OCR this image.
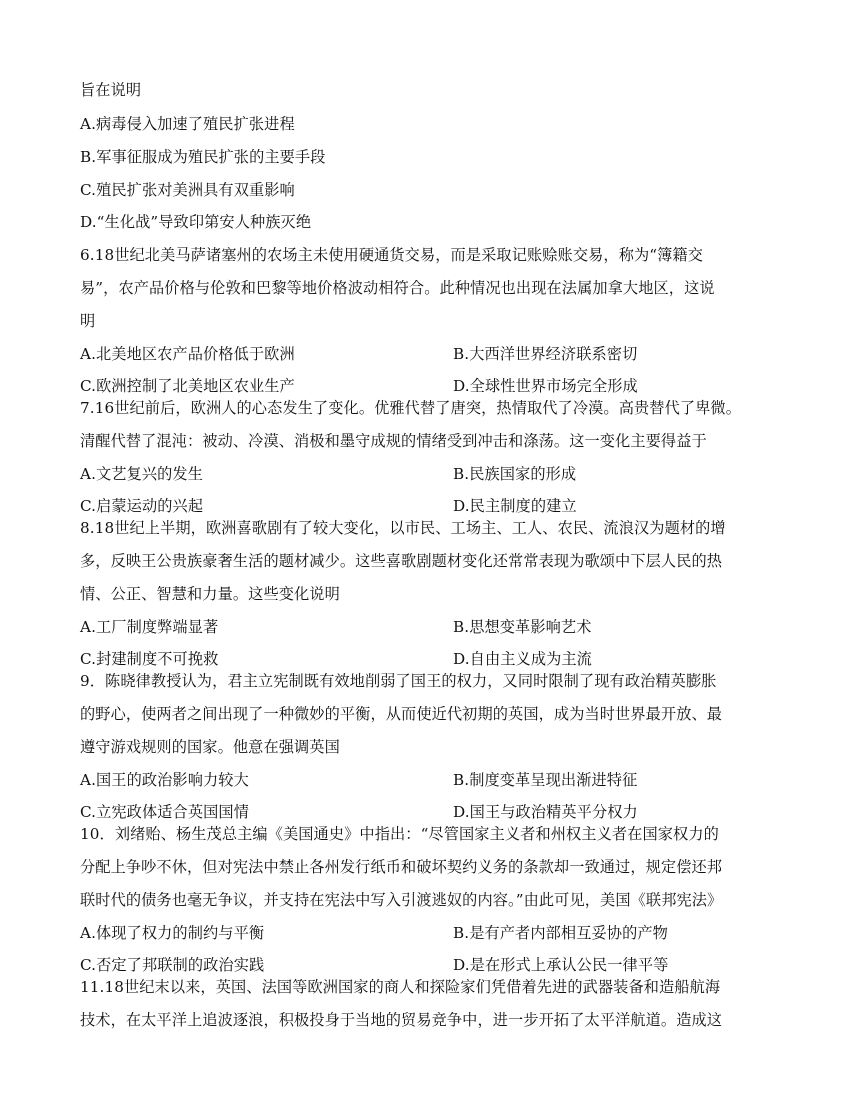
旨在说明
A.病毒侵入加速了殖民扩张进程
B.军事征服成为殖民扩张的主要手段
C.殖民扩张对美洲具有双重影响
D.“生化战”导致印第安人种族灭绝
6.18世纪北美马萨诸塞州的农场主未使用硬通货交易，而是采取记账赊账交易，称为“簿籍交
易”，农产品价格与伦敦和巴黎等地价格波动相符合。此种情况也出现在法属加拿大地区，这说
明
A.北美地区农产品价格低于欧洲	B.大西洋世界经济联系密切
C.欧洲控制了北美地区农业生产	D.全球性世界市场完全形成
7.16世纪前后，欧洲人的心态发生了变化。优雅代替了唐突，热情取代了冷漠。高贵替代了卑微。
清醒代替了混沌：被动、冷漠、消极和墨守成规的情绪受到冲击和涤荡。这一变化主要得益于
A.文艺复兴的发生	B.民族国家的形成
C.启蒙运动的兴起	D.民主制度的建立
8.18世纪上半期，欧洲喜歌剧有了较大变化，以市民、工场主、工人、农民、流浪汉为题材的增
多，反映王公贵族豪奢生活的题材减少。这些喜歌剧题材变化还常常表现为歌颂中下层人民的热
情、公正、智慧和力量。这些变化说明
A.工厂制度弊端显著	B.思想变革影响艺术
C.封建制度不可挽救	D.自由主义成为主流
9．陈晓律教授认为，君主立宪制既有效地削弱了国王的权力，又同时限制了现有政治精英膨胀
的野心，使两者之间出现了一种微妙的平衡，从而使近代初期的英国，成为当时世界最开放、最
遵守游戏规则的国家。他意在强调英国
A.国王的政治影响力较大	B.制度变革呈现出渐进特征
C.立宪政体适合英国国情	D.国王与政治精英平分权力
10．刘绪贻、杨生茂总主编《美国通史》中指出：“尽管国家主义者和州权主义者在国家权力的
分配上争吵不休，但对宪法中禁止各州发行纸币和破坏契约义务的条款却一致通过，规定偿还邦
联时代的债务也毫无争议，并支持在宪法中写入引渡逃奴的内容。”由此可见，美国《联邦宪法》
A.体现了权力的制约与平衡	B.是有产者内部相互妥协的产物
C.否定了邦联制的政治实践	D.是在形式上承认公民一律平等
11.18世纪末以来，英国、法国等欧洲国家的商人和探险家们凭借着先进的武器装备和造船航海
技术，在太平洋上追波逐浪，积极投身于当地的贸易竞争中，进一步开拓了太平洋航道。造成这
